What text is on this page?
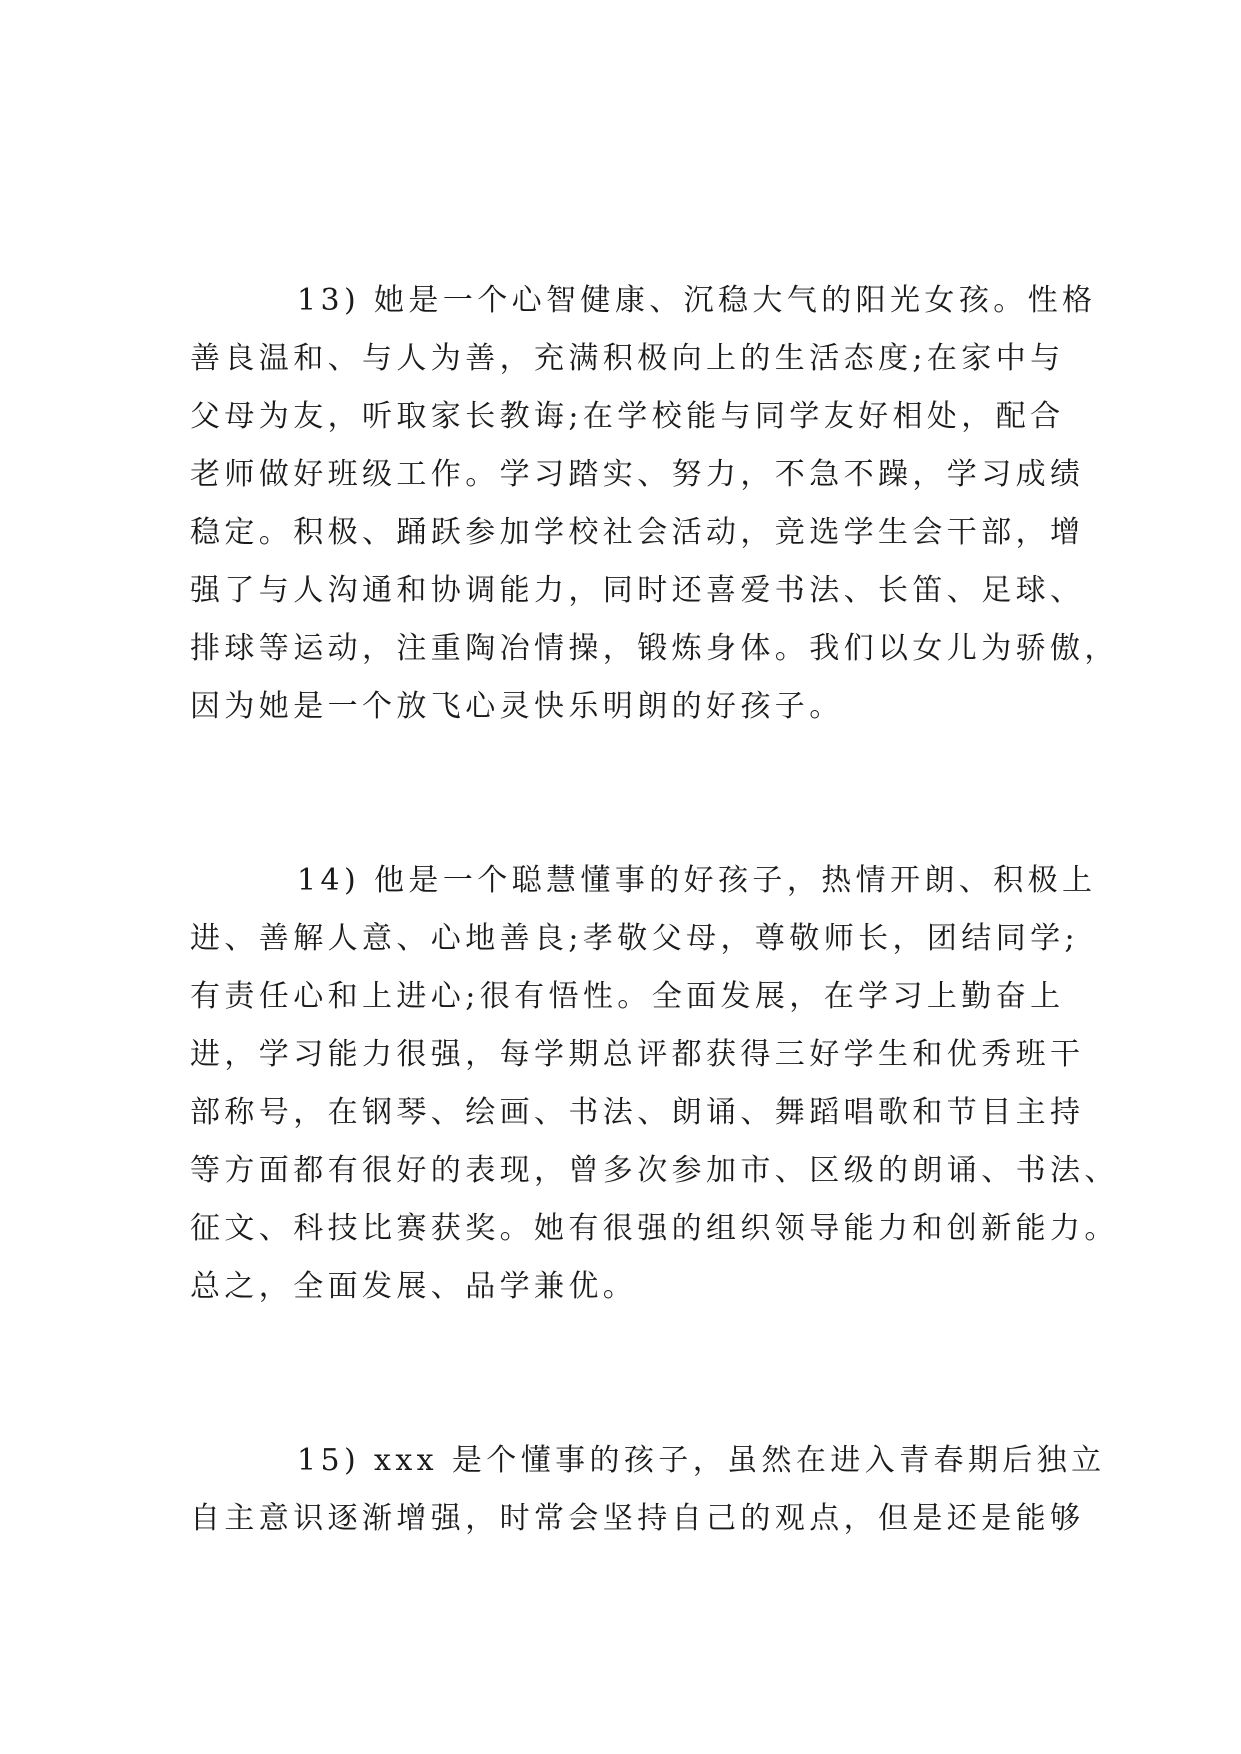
13) 她是一个心智健康、沉稳大气的阳光女孩。性格
善良温和、与人为善，充满积极向上的生活态度;在家中与
父母为友，听取家长教诲;在学校能与同学友好相处，配合
老师做好班级工作。学习踏实、努力，不急不躁，学习成绩
稳定。积极、踊跃参加学校社会活动，竞选学生会干部，增
强了与人沟通和协调能力，同时还喜爱书法、长笛、足球、
排球等运动，注重陶冶情操，锻炼身体。我们以女儿为骄傲，
因为她是一个放飞心灵快乐明朗的好孩子。
14) 他是一个聪慧懂事的好孩子，热情开朗、积极上
进、善解人意、心地善良;孝敬父母，尊敬师长，团结同学;
有责任心和上进心;很有悟性。全面发展，在学习上勤奋上
进，学习能力很强，每学期总评都获得三好学生和优秀班干
部称号，在钢琴、绘画、书法、朗诵、舞蹈唱歌和节目主持
等方面都有很好的表现，曾多次参加市、区级的朗诵、书法、
征文、科技比赛获奖。她有很强的组织领导能力和创新能力。
总之，全面发展、品学兼优。
15) xxx 是个懂事的孩子，虽然在进入青春期后独立
自主意识逐渐增强，时常会坚持自己的观点，但是还是能够
